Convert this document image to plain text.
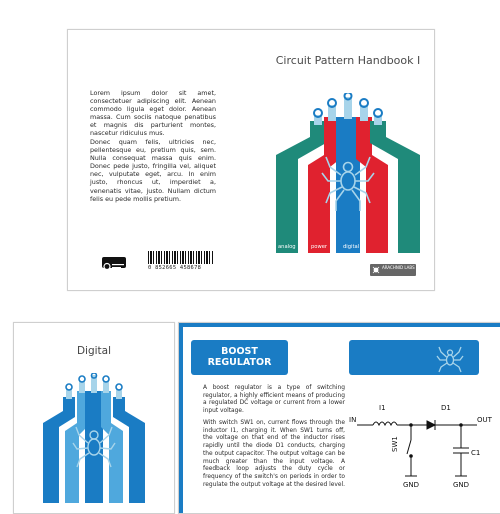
Lorem ipsum dolor sit amet, consectetuer adipiscing elit. Aenean commodo ligula eget dolor. Aenean massa. Cum sociis natoque penatibus et magnis dis parturient montes, nascetur ridiculus mus.
Donec quam felis, ultricies nec, pellentesque eu, pretium quis, sem. Nulla consequat massa quis enim. Donec pede justo, fringilla vel, aliquet nec, vulputate eget, arcu. In enim justo, rhoncus ut, imperdiet a, venenatis vitae, justo. Nullam dictum felis eu pede mollis pretium.
0 852665 458678
Circuit Pattern Handbook I
analog	power	digital
ARACHNID LABS
Digital	BOOST REGULATOR
A boost regulator is a type of switching regulator, a highly efficient means of producing a regulated DC voltage or current from a lower input voltage.
With switch SW1 on, current flows through the inductor I1, charging it. When SW1 turns off, the voltage on that end of the inductor rises rapidly until the diode D1 conducts, charging the output capacitor. The output voltage can be much greater than the input voltage. A feedback loop adjusts the duty cycle or frequency of the switch's on periods in order to regulate the output voltage at the desired level.
IN	OUT
I1	D1
SW1
C1
GND	GND
